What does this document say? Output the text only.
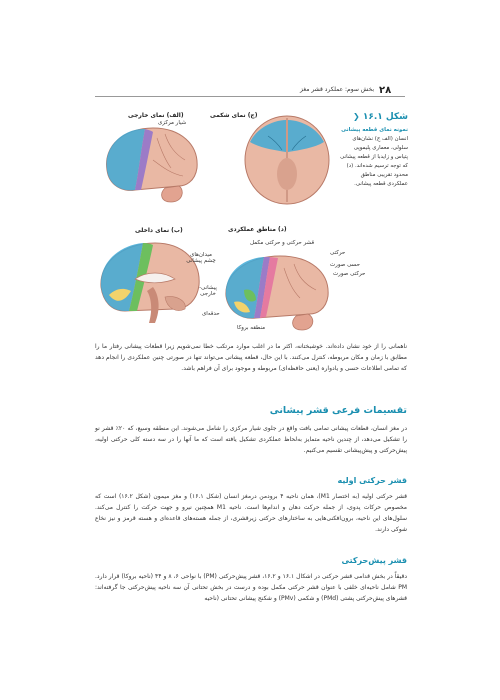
۲۸
بخش سوم: عملکرد قشر مغز
(الف) نمای خارجی
شیار مرکزی
(ج) نمای شکمی	شکل ۱۶.۱ ❮
نمونه نمای قطعه پیشانی انسان (الف ج) نشان‌های سلولی، معماری پلیموپی پتیاس و زایدبا از قطعه پیشانی که توجه ترسیم شده‌اند. (د) محدود تقریبی مناطق عملکردی قطعه پیشانی.
(ب) نمای داخلی	(د) مناطق عملکردی
قشر حرکتی و حرکتی مکمل
حرکتی
حسی صورت
حرکتی صورت
میدان‌های چشم پیشانی
پیشانی- خارجی
حدقه‌ای
منطقه بروکا
ناهمانی را از خود نشان داده‌اند. خوشبختانه، اکثر ما در اغلب موارد مرتکب خطا نمی‌شویم زیرا قطعات پیشانی رفتار ما را مطابق با زمان و مکان مربوطه، کنترل می‌کنند. با این حال، قطعه پیشانی می‌تواند تنها در صورتی چنین عملکردی را انجام دهد که تمامی اطلاعات حسی و یادواره (یعنی حافظه‌ای) مربوطه و موجود برای آن فراهم باشد.
تقسیمات فرعی قشر پیشانی
در مغز انسان، قطعات پیشانی تمامی بافت واقع در جلوی شیار مرکزی را شامل می‌شوند. این منطقه وسیع، که ۲۰٪ قشر نو را تشکیل می‌دهد، از چندین ناحیه متمایز به‌لحاظ عملکردی تشکیل یافته است که ما آنها را در سه دسته کلی حرکتی اولیه، پیش‌حرکتی و پیش‌پیشانی تقسیم می‌کنیم.
قشر حرکتی اولیه
قشر حرکتی اولیه (به اختصار M1)، همان ناحیه ۴ برودمن درمغز انسان (شکل ۱۶.۱) و مغز میمون (شکل ۱۶.۲) است که مخصوص حرکات پدوی، از جمله حرکت دهان و اندام‌ها است. ناحیه M1 همچنین نیرو و جهت حرکت را کنترل می‌کند. سلول‌های این ناحیه، برون‌افکنی‌هایی به ساختارهای حرکتی زیرقشری، از جمله هسته‌های قاعده‌ای و هسته قرمز و نیز نخاع شوکی دارند.
قشر پیش‌حرکتی
دقیقاً در بخش قدامی قشر حرکتی در اشکال ۱۶.۱ و ۱۶.۲، قشر پیش‌حرکتی (PM) با نواحی ۶، ۸ و ۴۴ (ناحیه بروکا) قرار دارد. PM شامل ناحیه‌ای خلفی با عنوان قشر حرکتی مکمل بوده و درست در بخش تحتانی آن سه ناحیه پیش‌حرکتی جا گرفته‌اند: قشرهای پیش‌حرکتی پشتی (PMd) و شکمی (PMv) و شکنج پیشانی تحتانی (ناحیه
